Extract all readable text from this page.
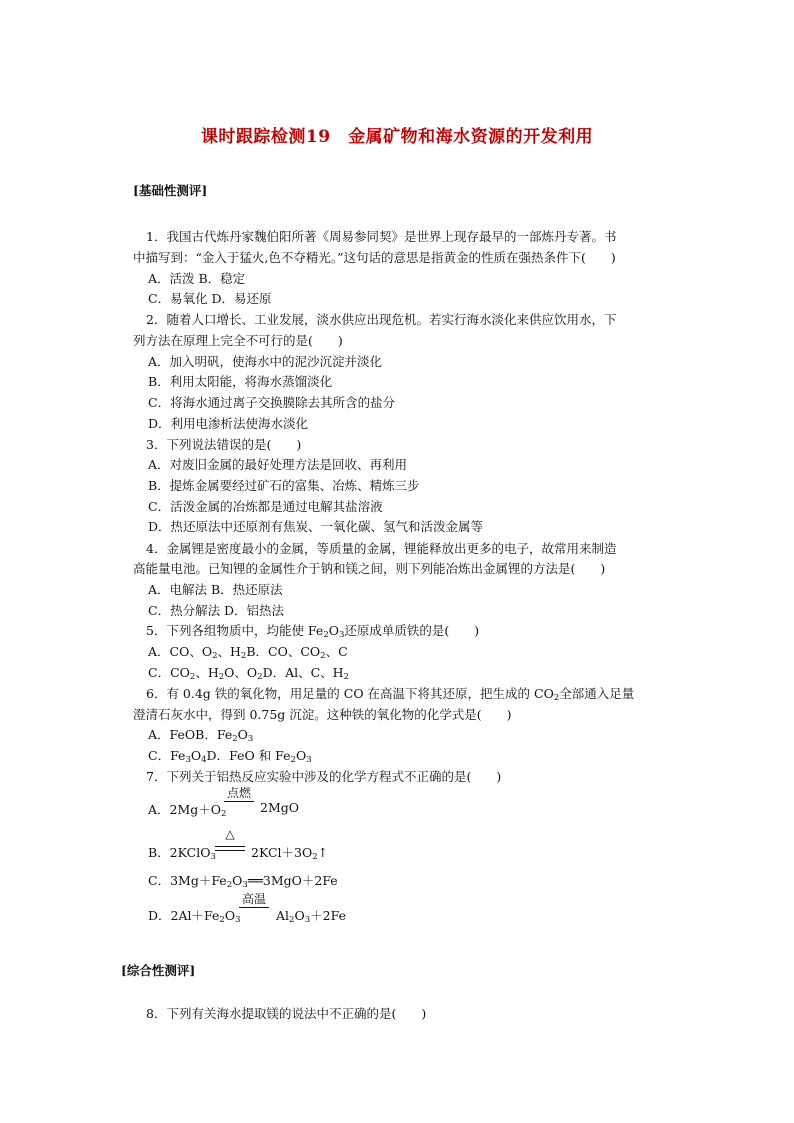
课时跟踪检测19　金属矿物和海水资源的开发利用
[基础性测评]
1．我国古代炼丹家魏伯阳所著《周易参同契》是世界上现存最早的一部炼丹专著。书
中描写到：“金入于猛火,色不夺精光。”这句话的意思是指黄金的性质在强热条件下(　　)
A．活泼 B．稳定
C．易氧化 D．易还原
2．随着人口增长、工业发展，淡水供应出现危机。若实行海水淡化来供应饮用水，下
列方法在原理上完全不可行的是(　　)
A．加入明矾，使海水中的泥沙沉淀并淡化
B．利用太阳能，将海水蒸馏淡化
C．将海水通过离子交换膜除去其所含的盐分
D．利用电渗析法使海水淡化
3．下列说法错误的是(　　)
A．对废旧金属的最好处理方法是回收、再利用
B．提炼金属要经过矿石的富集、冶炼、精炼三步
C．活泼金属的冶炼都是通过电解其盐溶液
D．热还原法中还原剂有焦炭、一氧化碳、氢气和活泼金属等
4．金属锂是密度最小的金属，等质量的金属，锂能释放出更多的电子，故常用来制造
高能量电池。已知锂的金属性介于钠和镁之间，则下列能冶炼出金属锂的方法是(　　)
A．电解法 B．热还原法
C．热分解法 D．铝热法
5．下列各组物质中，均能使 $Fe_2O_3$还原成单质铁的是(　　)
A．CO、$O_2$、$H_2B$．CO、$CO_2$、C
C．$CO_2$、$H_2O$、$O_2D$．Al、C、$H_2$
6．有 0.4g 铁的氧化物，用足量的 CO 在高温下将其还原，把生成的 $CO_2$全部通入足量
澄清石灰水中，得到 0.75g 沉淀。这种铁的氧化物的化学式是(　　)
A．FeOB．$Fe_2O_3$
C．$Fe_3O_4D$．FeO 和 $Fe_2O_3$
7．下列关于铝热反应实验中涉及的化学方程式不正确的是(　　)
A．$2Mg+O_2$
点燃
2MgO
B．2KClO$_3$
△
$2KCl+3O_2↑$
C．$3Mg+Fe_2O_3══3MgO+2Fe$
D．$2Al+Fe_2O_3$
高温
$Al_2O_3+2Fe$
[综合性测评]
8．下列有关海水提取镁的说法中不正确的是(　　)
